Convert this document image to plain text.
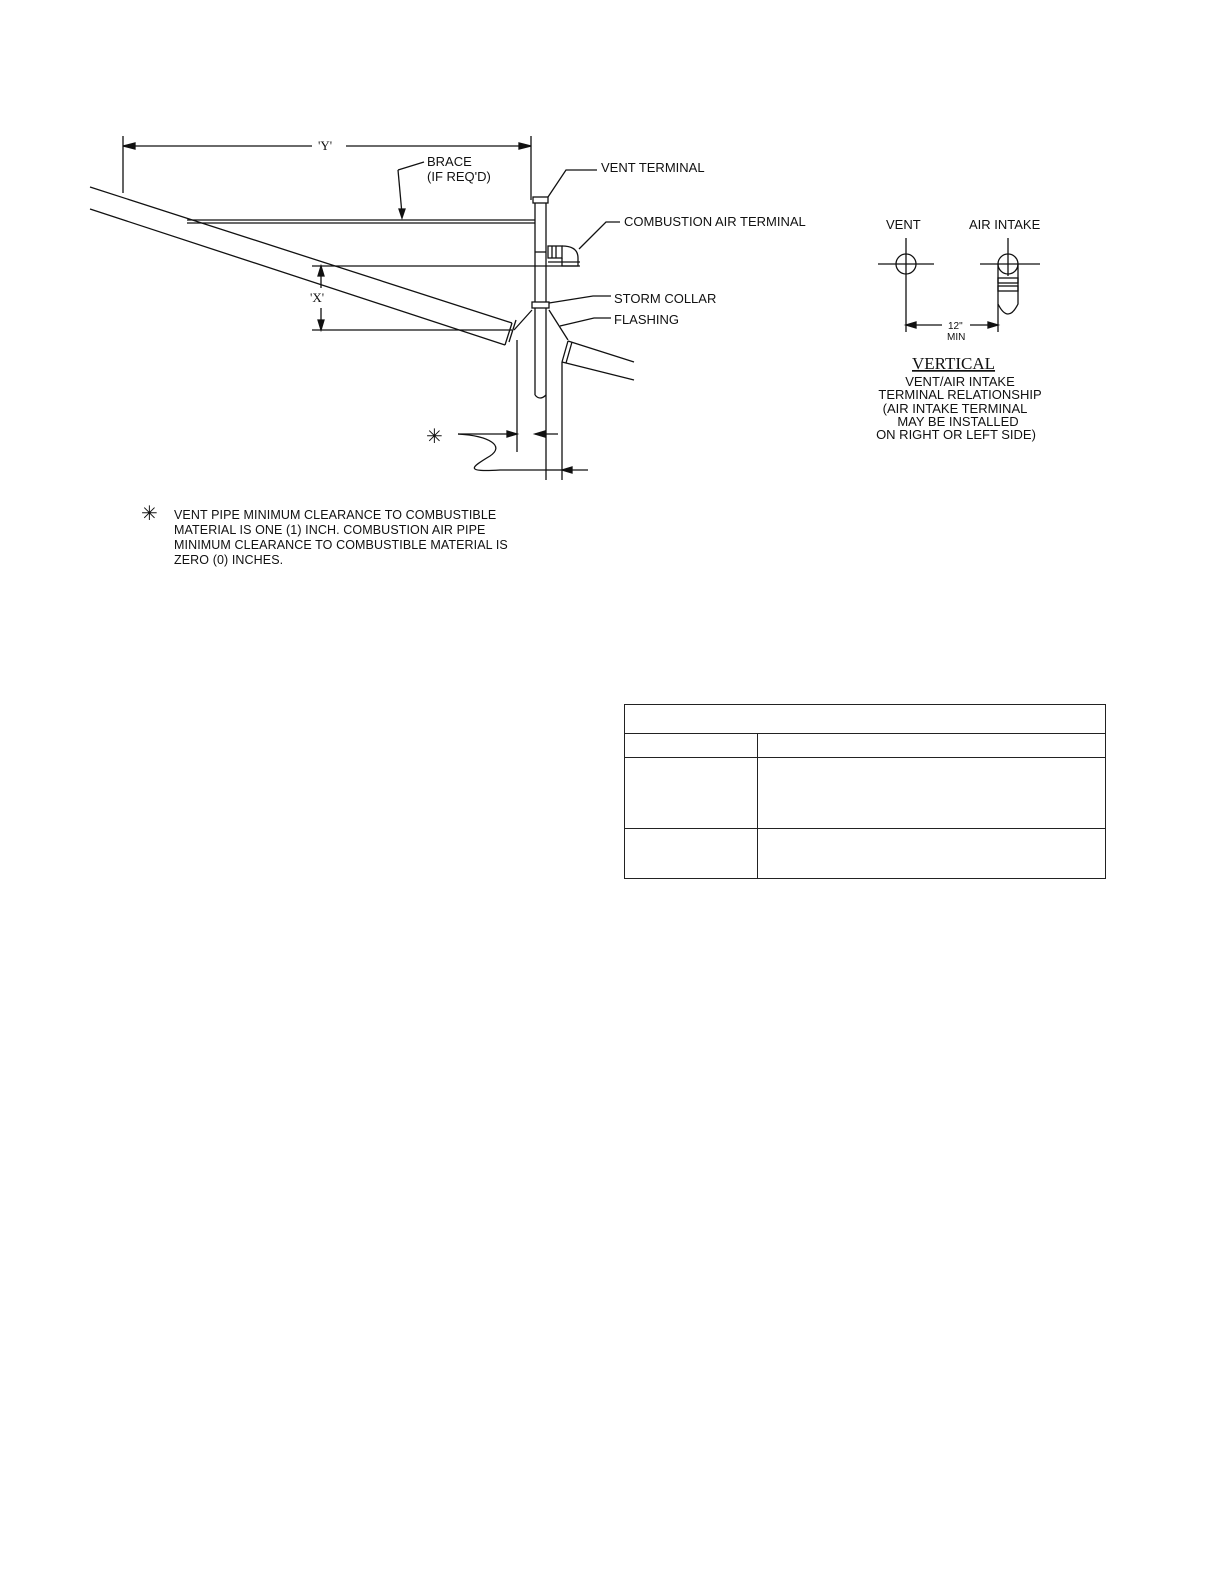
'Y'
BRACE
(IF REQ'D)
VENT TERMINAL
COMBUSTION AIR TERMINAL
STORM COLLAR
FLASHING
'X'
✳
VENT	AIR INTAKE
12"
MIN
VERTICAL
VENT/AIR INTAKE
TERMINAL RELATIONSHIP
(AIR INTAKE TERMINAL
MAY BE INSTALLED
ON RIGHT OR LEFT SIDE)
✳ VENT PIPE MINIMUM CLEARANCE TO COMBUSTIBLE
MATERIAL IS ONE (1) INCH. COMBUSTION AIR PIPE
MINIMUM CLEARANCE TO COMBUSTIBLE MATERIAL IS
ZERO (0) INCHES.
